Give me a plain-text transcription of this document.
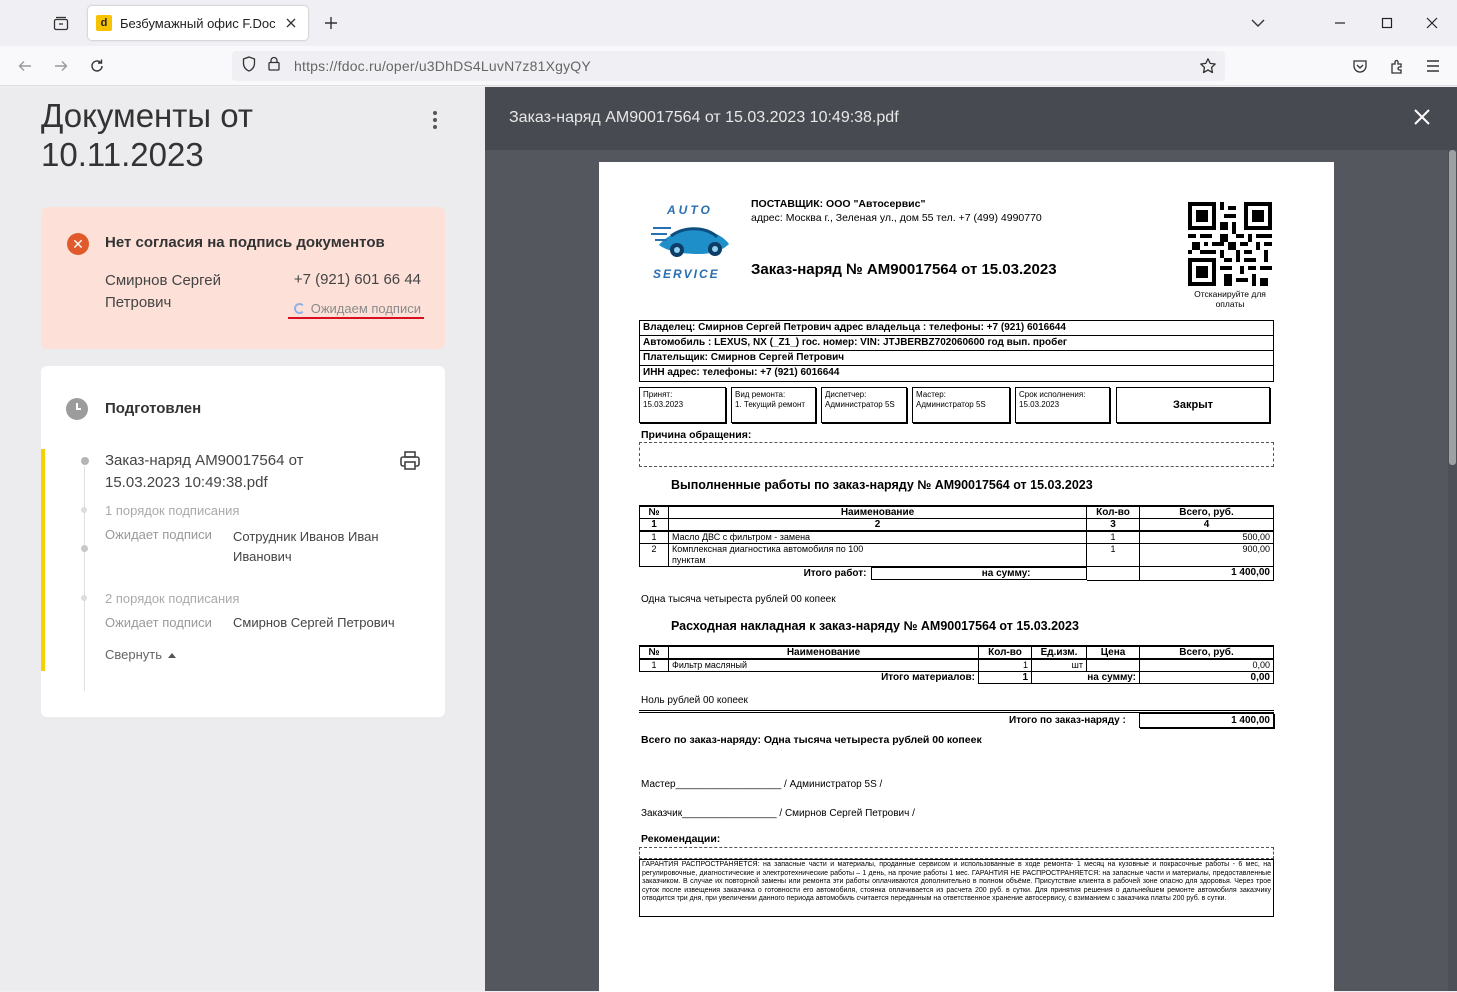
d Безбумажный офис F.Doc
https://fdoc.ru/oper/u3DhDS4LuvN7z81XgyQY
Документы от 10.11.2023
✕	Нет согласия на подпись документов
Смирнов Сергей Петрович
+7 (921) 601 66 44
Ожидаем подписи
Подготовлен
Заказ-наряд АМ90017564 от 15.03.2023 10:49:38.pdf
1 порядок подписания
Ожидает подписи Сотрудник Иванов Иван Иванович
2 порядок подписания
Ожидает подписи Смирнов Сергей Петрович
Свернуть
Заказ-наряд АМ90017564 от 15.03.2023 10:49:38.pdf
AUTO
SERVICE
ПОСТАВЩИК: ООО "Автосервис"
адрес: Москва г., Зеленая ул., дом 55 тел. +7 (499) 4990770
Заказ-наряд № АМ90017564 от 15.03.2023
Отсканируйте для оплаты
Владелец: Смирнов Сергей Петрович адрес владельца : телефоны: +7 (921) 6016644
Автомобиль : LEXUS, NX (_Z1_) гос. номер: VIN: JTJBERBZ702060600 год вып. пробег
Плательщик: Смирнов Сергей Петрович
ИНН адрес: телефоны: +7 (921) 6016644
Принят:
15.03.2023
Вид ремонта:
1. Текущий ремонт
Диспетчер:
Администратор 5S
Мастер:
Администратор 5S
Срок исполнения:
15.03.2023	Закрыт
Причина обращения:
Выполненные работы по заказ-наряду № АМ90017564 от 15.03.2023
№	Наименование	Кол-во	Всего, руб.
1	2	3	4
1	Масло ДВС с фильтром - замена	1	500,00
2	Комплексная диагностика автомобиля по 100 пунктам	1	900,00
	Итого работ: на сумму:		1 400,00
Одна тысяча четыреста рублей 00 копеек
Расходная накладная к заказ-наряду № АМ90017564 от 15.03.2023
№	Наименование	Кол-во	Ед.изм.	Цена	Всего, руб.
1	Фильтр масляный	1	шт		0,00
	Итого материалов:	1	на сумму:		0,00
Ноль рублей 00 копеек
Итого по заказ-наряду :	1 400,00
Всего по заказ-наряду: Одна тысяча четыреста рублей 00 копеек
Мастер___________________ / Администратор 5S /
Заказчик_________________ / Смирнов Сергей Петрович /
Рекомендации:
ГАРАНТИЯ РАСПРОСТРАНЯЕТСЯ: на запасные части и материалы, проданные сервисом и использованные в ходе ремонта- 1 месяц на кузовные и покрасочные работы - 6 мес, на регулировочные, диагностические и электротехнические работы – 1 день, на прочие работы 1 мес. ГАРАНТИЯ НЕ РАСПРОСТРАНЯЕТСЯ: на запасные части и материалы, предоставленные заказчиком. В случае их повторной замены или ремонта эти работы оплачиваются дополнительно в полном объёме. Присутствие клиента в рабочей зоне опасно для здоровья. Через трое суток после извещения заказчика о готовности его автомобиля, стоянка оплачивается из расчета 200 руб. в сутки. Для принятия решения о дальнейшем ремонте автомобиля заказчику отводится три дня, при увеличении данного периода автомобиль считается переданным на ответственное хранение автосервису, с взиманием с заказчика платы 200 руб. в сутки.
